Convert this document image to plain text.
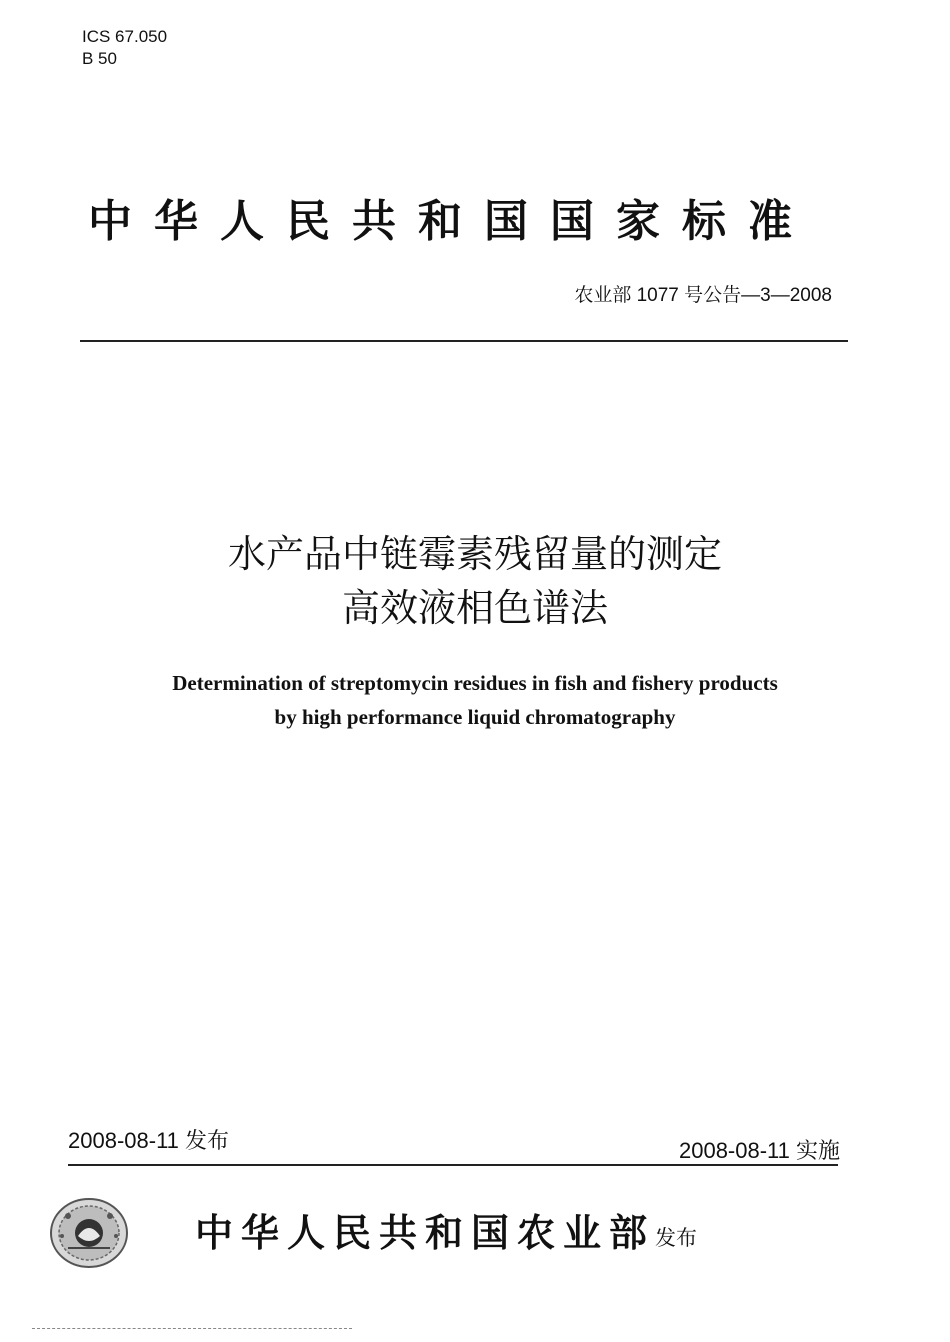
ICS 67.050
B 50
中华人民共和国国家标准
农业部 1077 号公告—3—2008
水产品中链霉素残留量的测定
高效液相色谱法
Determination of streptomycin residues in fish and fishery products
by high performance liquid chromatography
2008-08-11 发布	2008-08-11 实施
中华人民共和国农业部 发布
